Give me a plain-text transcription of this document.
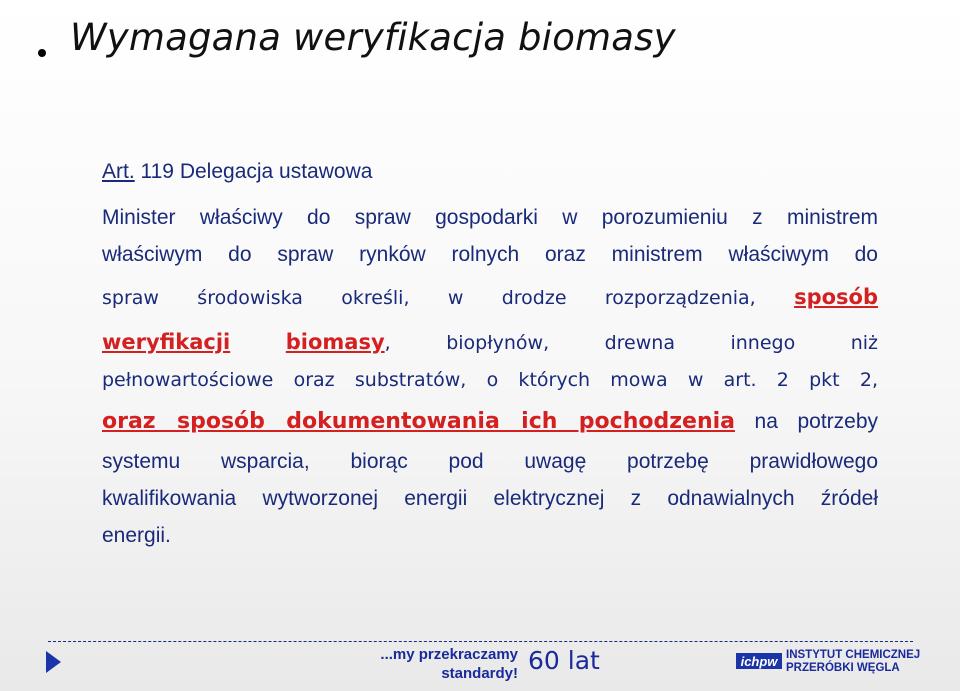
Wymagana weryfikacja biomasy
Art. 119 Delegacja ustawowa

Minister właściwy do spraw gospodarki w porozumieniu z ministrem

właściwym do spraw rynków rolnych oraz ministrem właściwym do

spraw środowiska określi, w drodze rozporządzenia, sposób

weryfikacji	biomasy, biopłynów, drewna innego niż

pełnowartościowe oraz substratów, o których mowa w art. 2 pkt 2,

oraz sposób dokumentowania ich pochodzenia na potrzeby

systemu wsparcia, biorąc pod uwagę potrzebę prawidłowego

kwalifikowania wytworzonej energii elektrycznej z odnawialnych źródeł

energii.

...my przekraczamy
standardy! 60 lat	ichpw INSTYTUT CHEMICZNEJ
PRZERÓBKI WĘGLA
